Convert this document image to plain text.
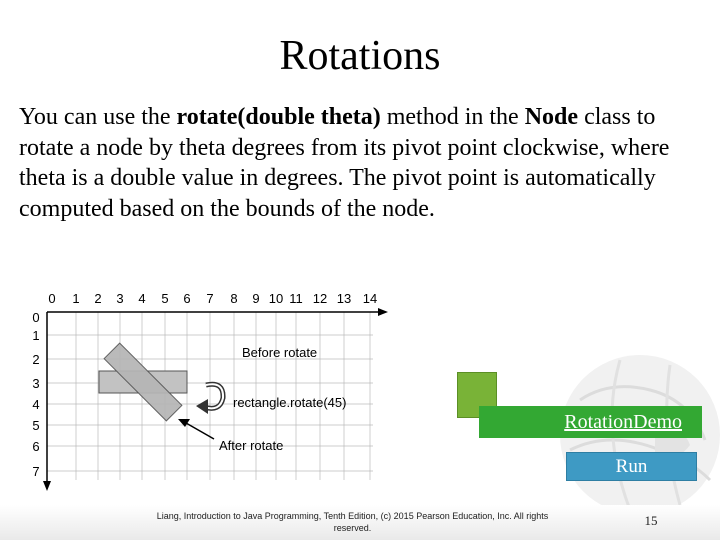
Rotations
You can use the rotate(double theta) method in the Node class to rotate a node by theta degrees from its pivot point clockwise, where theta is a double value in degrees. The pivot point is automatically computed based on the bounds of the node.
0 1 2 3 4 5 6 7 8 9 10 11 12 13 14
0
1
2
3
4
5
6
7
Before rotate
rectangle.rotate(45)
After rotate
RotationDemo
Run
Liang, Introduction to Java Programming, Tenth Edition, (c) 2015 Pearson Education, Inc. All rights reserved.	15
